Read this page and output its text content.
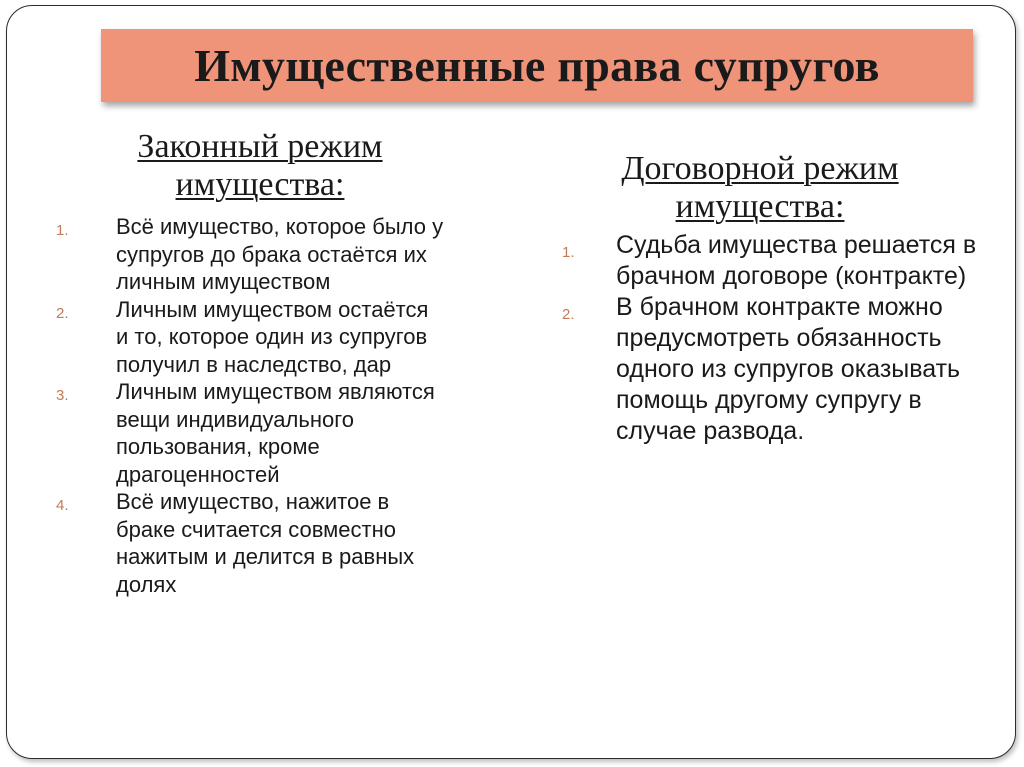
Имущественные права супругов
Законный режим
имущества:
1. Всё имущество, которое было у супругов до брака остаётся их личным имуществом
2. Личным имуществом остаётся и то, которое один из супругов получил в наследство, дар
3. Личным имуществом являются вещи индивидуального пользования, кроме драгоценностей
4. Всё имущество, нажитое в браке считается совместно нажитым и делится в равных долях
Договорной режим
имущества:
1. Судьба имущества решается в брачном договоре (контракте)
2. В брачном контракте можно предусмотреть обязанность одного из супругов оказывать помощь другому супругу в случае развода.
